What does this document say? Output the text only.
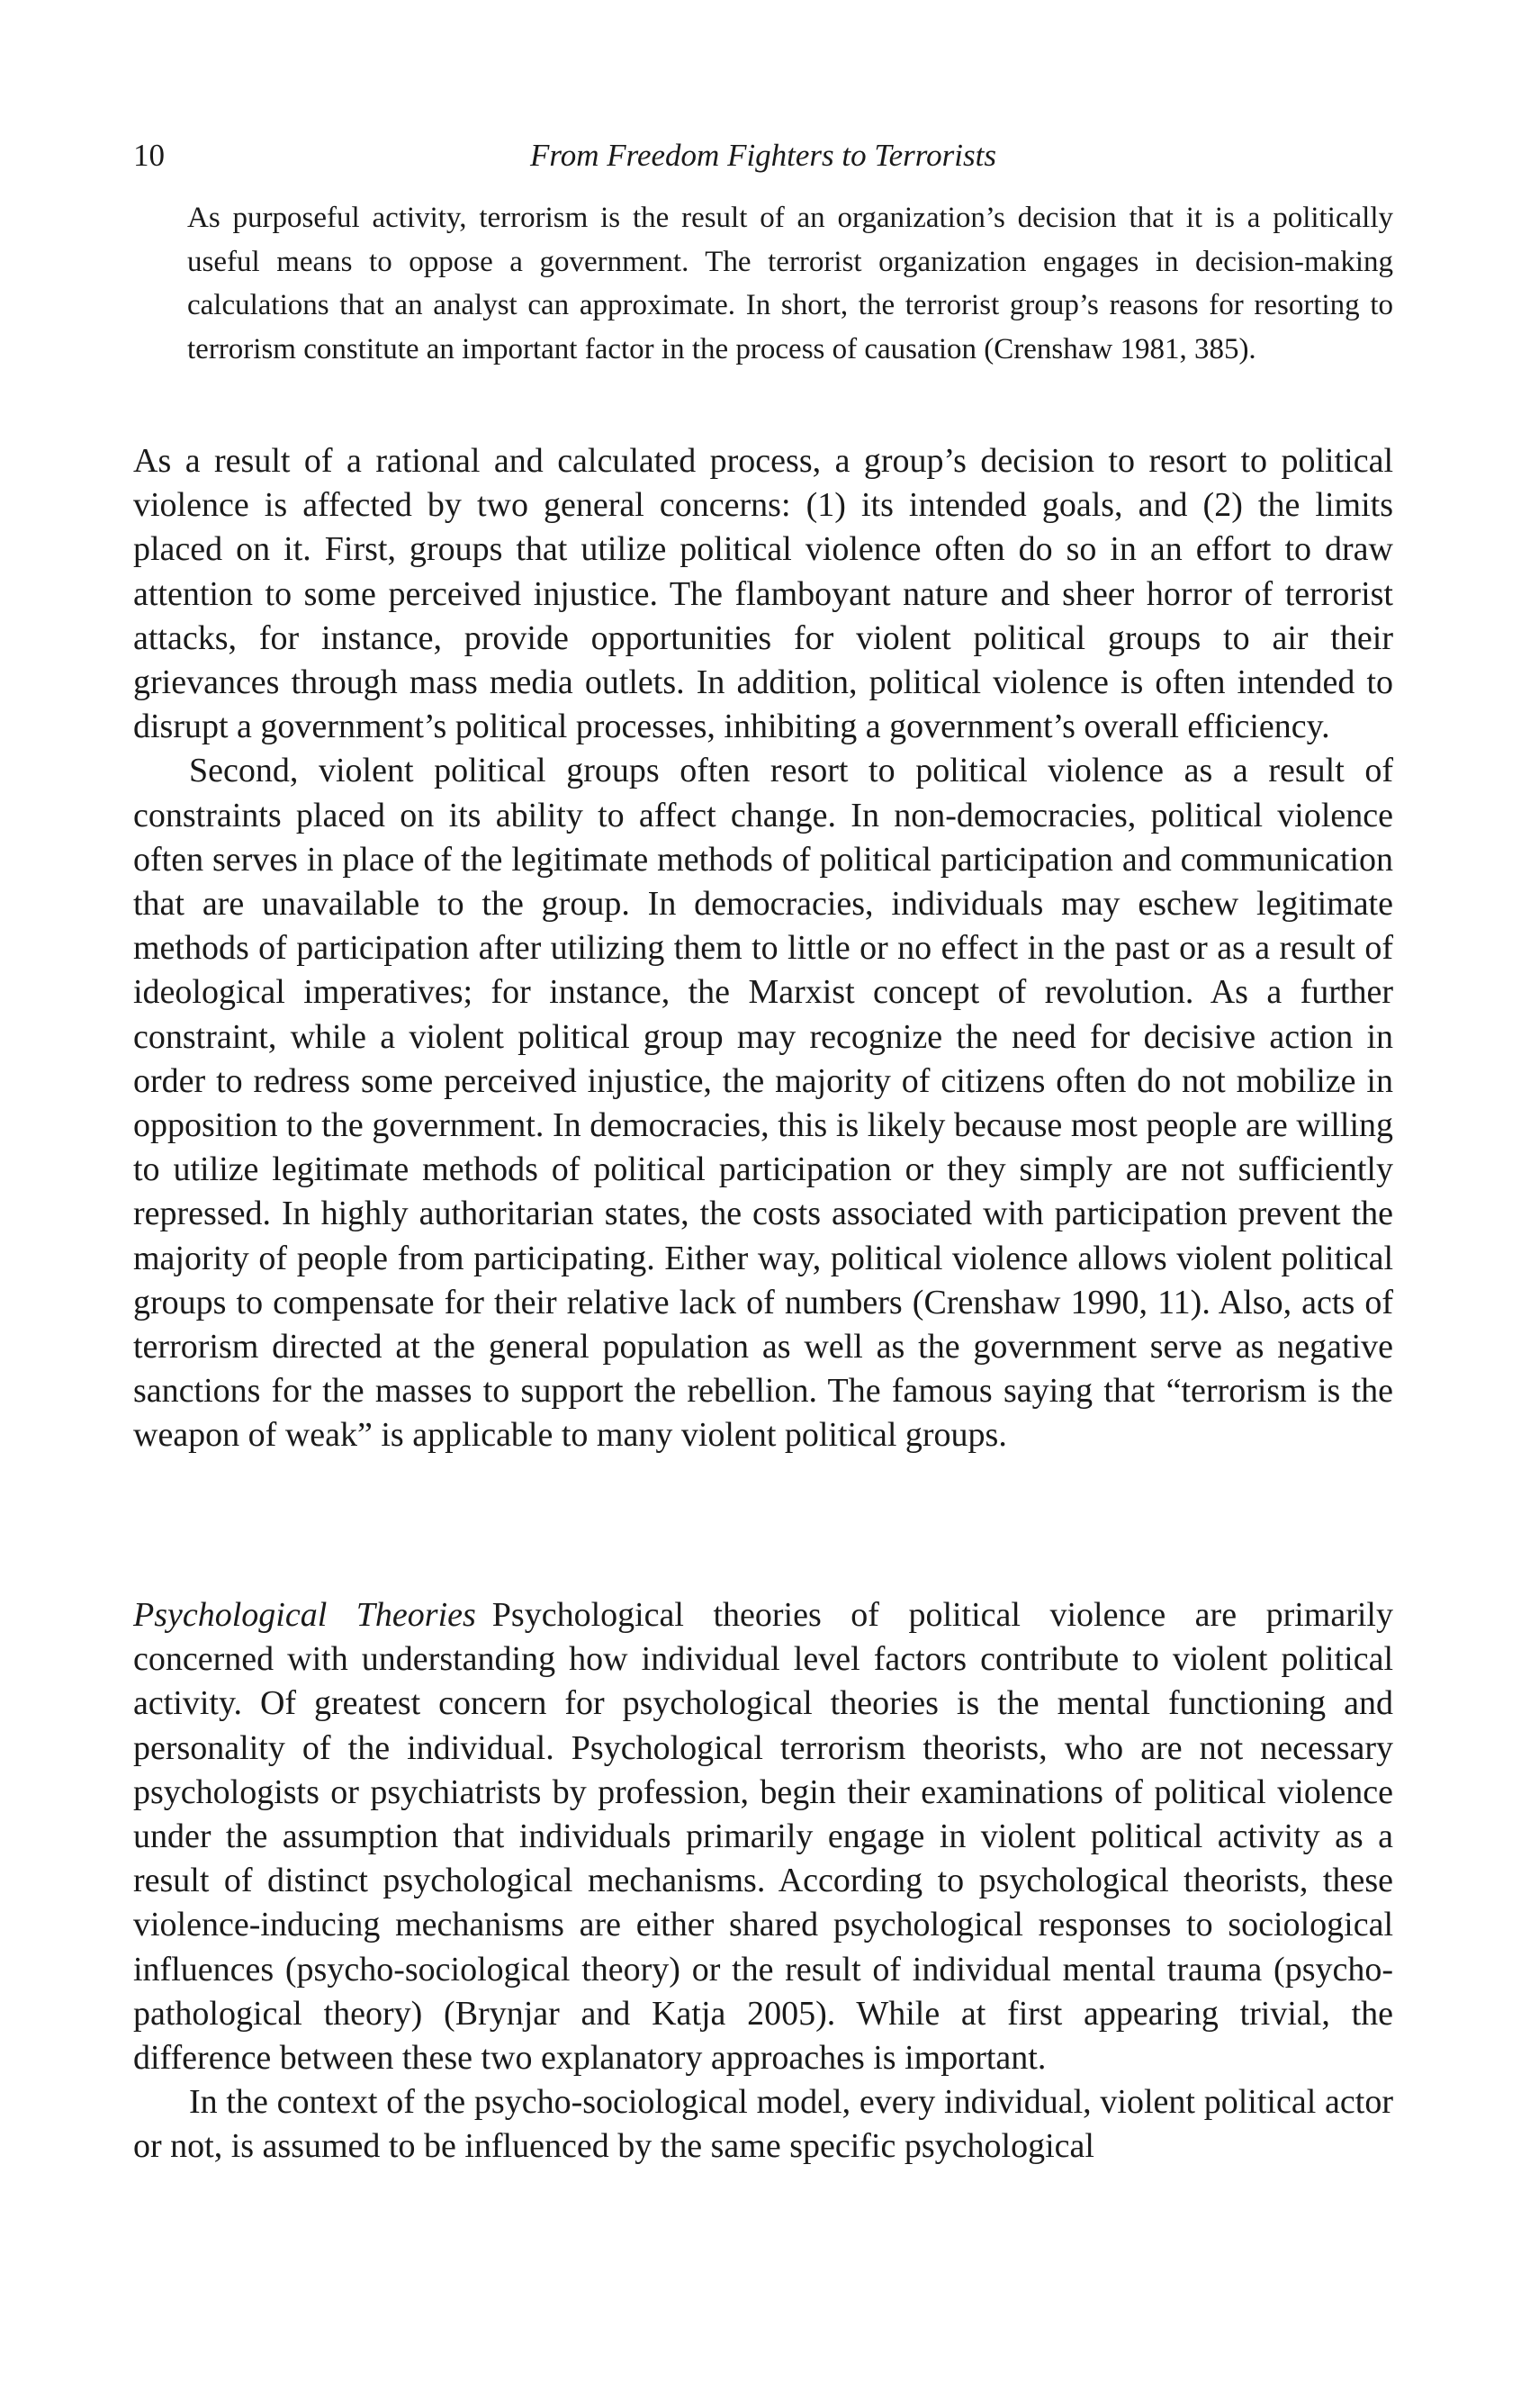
10	From Freedom Fighters to Terrorists

As purposeful activity, terrorism is the result of an organization’s decision that it is a politically useful means to oppose a government. The terrorist organization engages in decision-making calculations that an analyst can approximate. In short, the terrorist group’s reasons for resorting to terrorism constitute an important factor in the process of causation (Crenshaw 1981, 385).

As a result of a rational and calculated process, a group’s decision to resort to political violence is affected by two general concerns: (1) its intended goals, and (2) the limits placed on it. First, groups that utilize political violence often do so in an effort to draw attention to some perceived injustice. The flamboyant nature and sheer horror of terrorist attacks, for instance, provide opportunities for violent political groups to air their grievances through mass media outlets. In addition, political violence is often intended to disrupt a government’s political processes, inhibiting a government’s overall efficiency.

Second, violent political groups often resort to political violence as a result of constraints placed on its ability to affect change. In non-democracies, political violence often serves in place of the legitimate methods of political participation and communication that are unavailable to the group. In democracies, individuals may eschew legitimate methods of participation after utilizing them to little or no effect in the past or as a result of ideological imperatives; for instance, the Marxist concept of revolution. As a further constraint, while a violent political group may recognize the need for decisive action in order to redress some perceived injustice, the majority of citizens often do not mobilize in opposition to the government. In democracies, this is likely because most people are willing to utilize legitimate methods of political participation or they simply are not sufficiently repressed. In highly authoritarian states, the costs associated with participation prevent the majority of people from participating. Either way, political violence allows violent political groups to compensate for their relative lack of numbers (Crenshaw 1990, 11). Also, acts of terrorism directed at the general population as well as the government serve as negative sanctions for the masses to support the rebellion. The famous saying that “terrorism is the weapon of weak” is applicable to many violent political groups.

Psychological Theories Psychological theories of political violence are primarily concerned with understanding how individual level factors contribute to violent political activity. Of greatest concern for psychological theories is the mental functioning and personality of the individual. Psychological terrorism theorists, who are not necessary psychologists or psychiatrists by profession, begin their examinations of political violence under the assumption that individuals primarily engage in violent political activity as a result of distinct psychological mechanisms. According to psychological theorists, these violence-inducing mechanisms are either shared psychological responses to sociological influences (psycho-sociological theory) or the result of individual mental trauma (psycho-pathological theory) (Brynjar and Katja 2005). While at first appearing trivial, the difference between these two explanatory approaches is important.

In the context of the psycho-sociological model, every individual, violent political actor or not, is assumed to be influenced by the same specific psychological
